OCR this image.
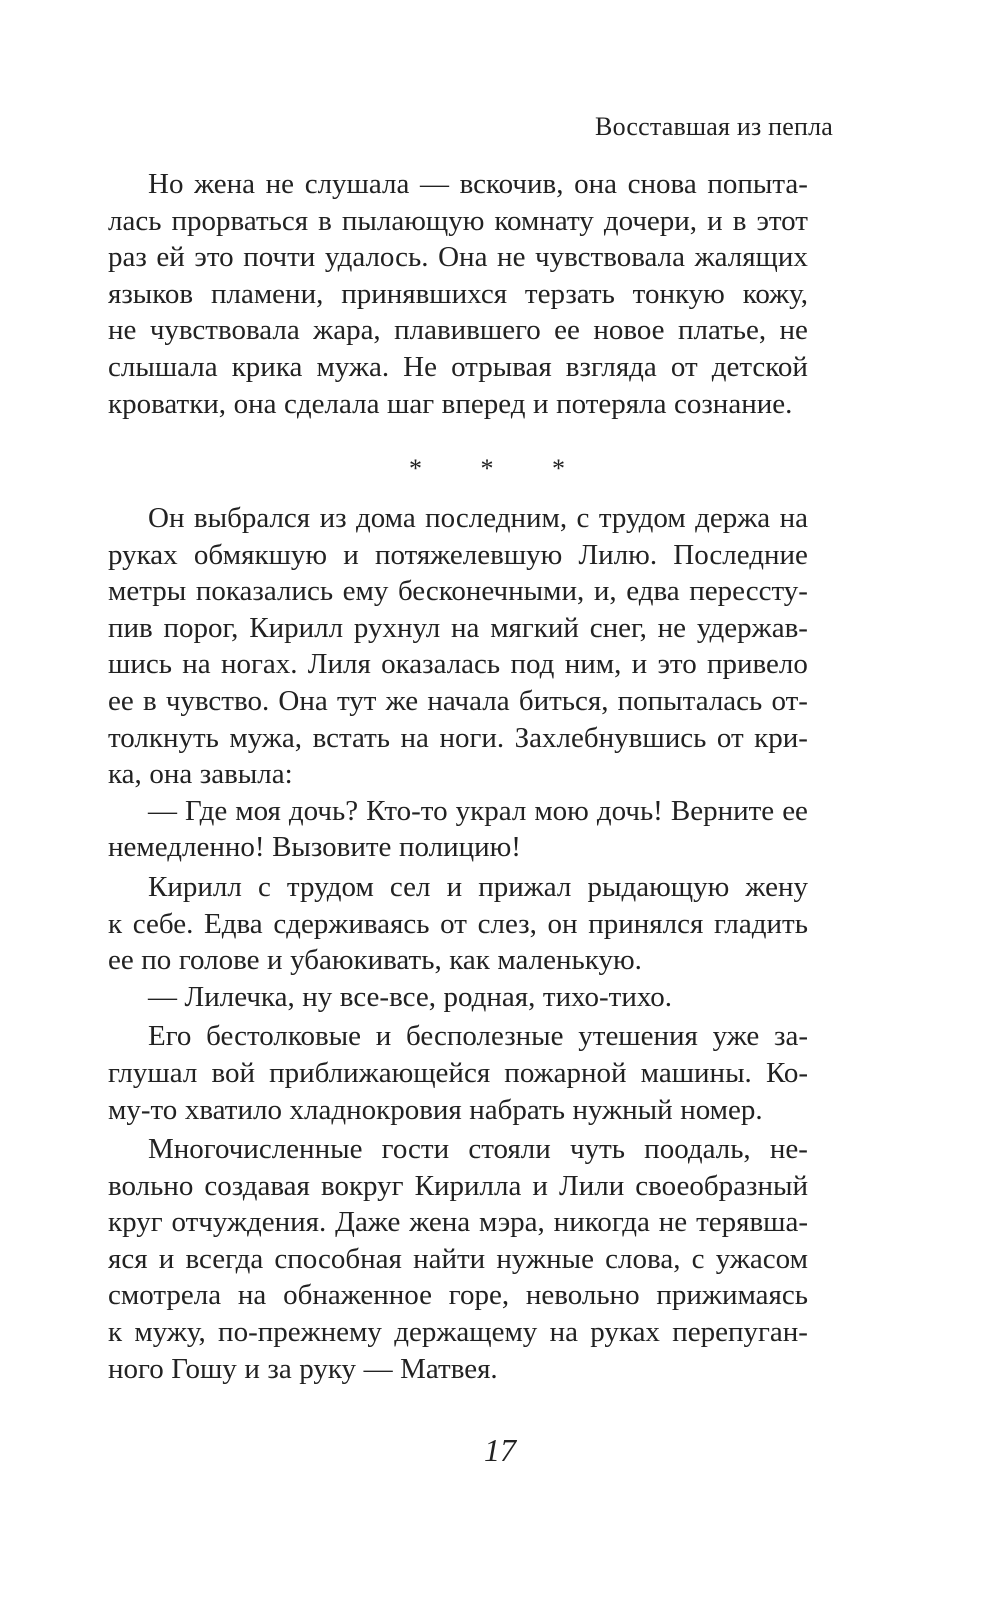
Восставшая из пепла
Но жена не слушала — вскочив, она снова попыта-
лась прорваться в пылающую комнату дочери, и в этот
раз ей это почти удалось. Она не чувствовала жалящих
языков пламени, принявшихся терзать тонкую кожу,
не чувствовала жара, плавившего ее новое платье, не
слышала крика мужа. Не отрывая взгляда от детской
кроватки, она сделала шаг вперед и потеряла сознание.
* * *
Он выбрался из дома последним, с трудом держа на
руках обмякшую и потяжелевшую Лилю. Последние
метры показались ему бесконечными, и, едва перессту-
пив порог, Кирилл рухнул на мягкий снег, не удержав-
шись на ногах. Лиля оказалась под ним, и это привело
ее в чувство. Она тут же начала биться, попыталась от-
толкнуть мужа, встать на ноги. Захлебнувшись от кри-
ка, она завыла:
— Где моя дочь? Кто-то украл мою дочь! Верните ее
немедленно! Вызовите полицию!
Кирилл с трудом сел и прижал рыдающую жену
к себе. Едва сдерживаясь от слез, он принялся гладить
ее по голове и убаюкивать, как маленькую.
— Лилечка, ну все-все, родная, тихо-тихо.
Его бестолковые и бесполезные утешения уже за-
глушал вой приближающейся пожарной машины. Ко-
му-то хватило хладнокровия набрать нужный номер.
Многочисленные гости стояли чуть поодаль, не-
вольно создавая вокруг Кирилла и Лили своеобразный
круг отчуждения. Даже жена мэра, никогда не терявша-
яся и всегда способная найти нужные слова, с ужасом
смотрела на обнаженное горе, невольно прижимаясь
к мужу, по-прежнему держащему на руках перепуган-
ного Гошу и за руку — Матвея.
17
